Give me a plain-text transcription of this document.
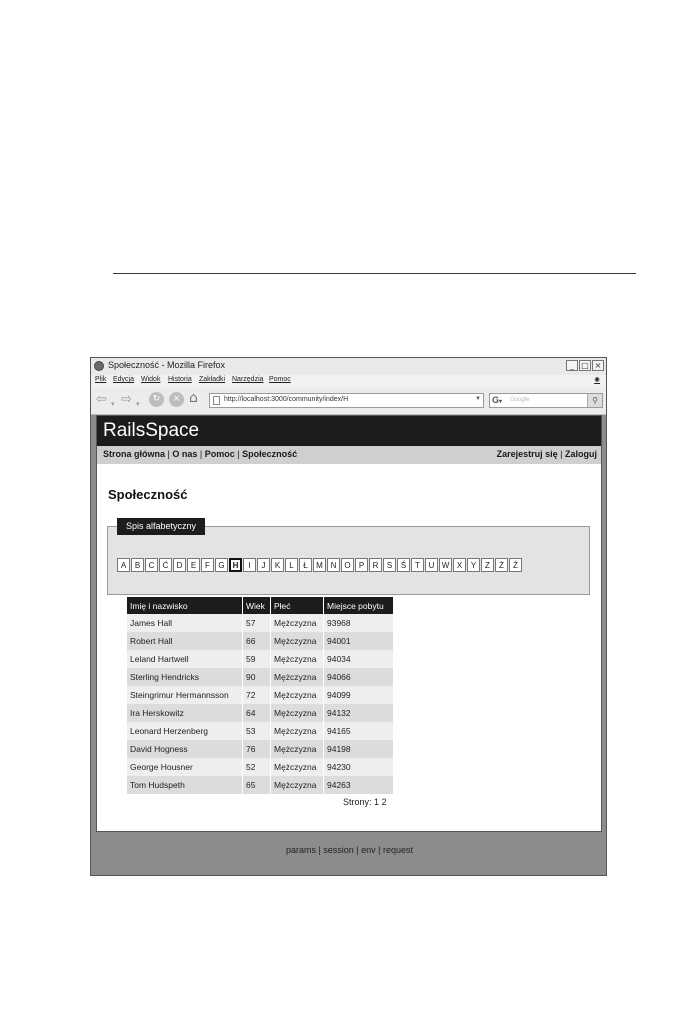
Społeczność - Mozilla Firefox	_ □ ×
Plik Edycja Widok Historia Zakładki Narzędzia Pomoc	✺
⇦ ▾ ⇨ ▾	↻	× ⌂	http://localhost:3000/community/index/H	▼ G▾ Google	⚲
RailsSpace
Strona główna | O nas | Pomoc | Społeczność	Zarejestruj się | Zaloguj
Społeczność
Spis alfabetyczny
A	B	C	Ć	D	E	F	G	H	I	J	K	L	Ł	M N O	P	R	S	Ś	T	U W X	Y	Z	Ż	Ź
Imię i nazwisko	Wiek	Płeć	Miejsce pobytu
James Hall	57	Mężczyzna	93968
Robert Hall	66	Mężczyzna	94001
Leland Hartwell	59	Mężczyzna	94034
Sterling Hendricks	90	Mężczyzna	94066
Steingrimur Hermannsson	72	Mężczyzna	94099
Ira Herskowitz	64	Mężczyzna	94132
Leonard Herzenberg	53	Mężczyzna	94165
David Hogness	76	Mężczyzna	94198
George Housner	52	Mężczyzna	94230
Tom Hudspeth	65	Mężczyzna	94263
Strony: 1 2
params | session | env | request
